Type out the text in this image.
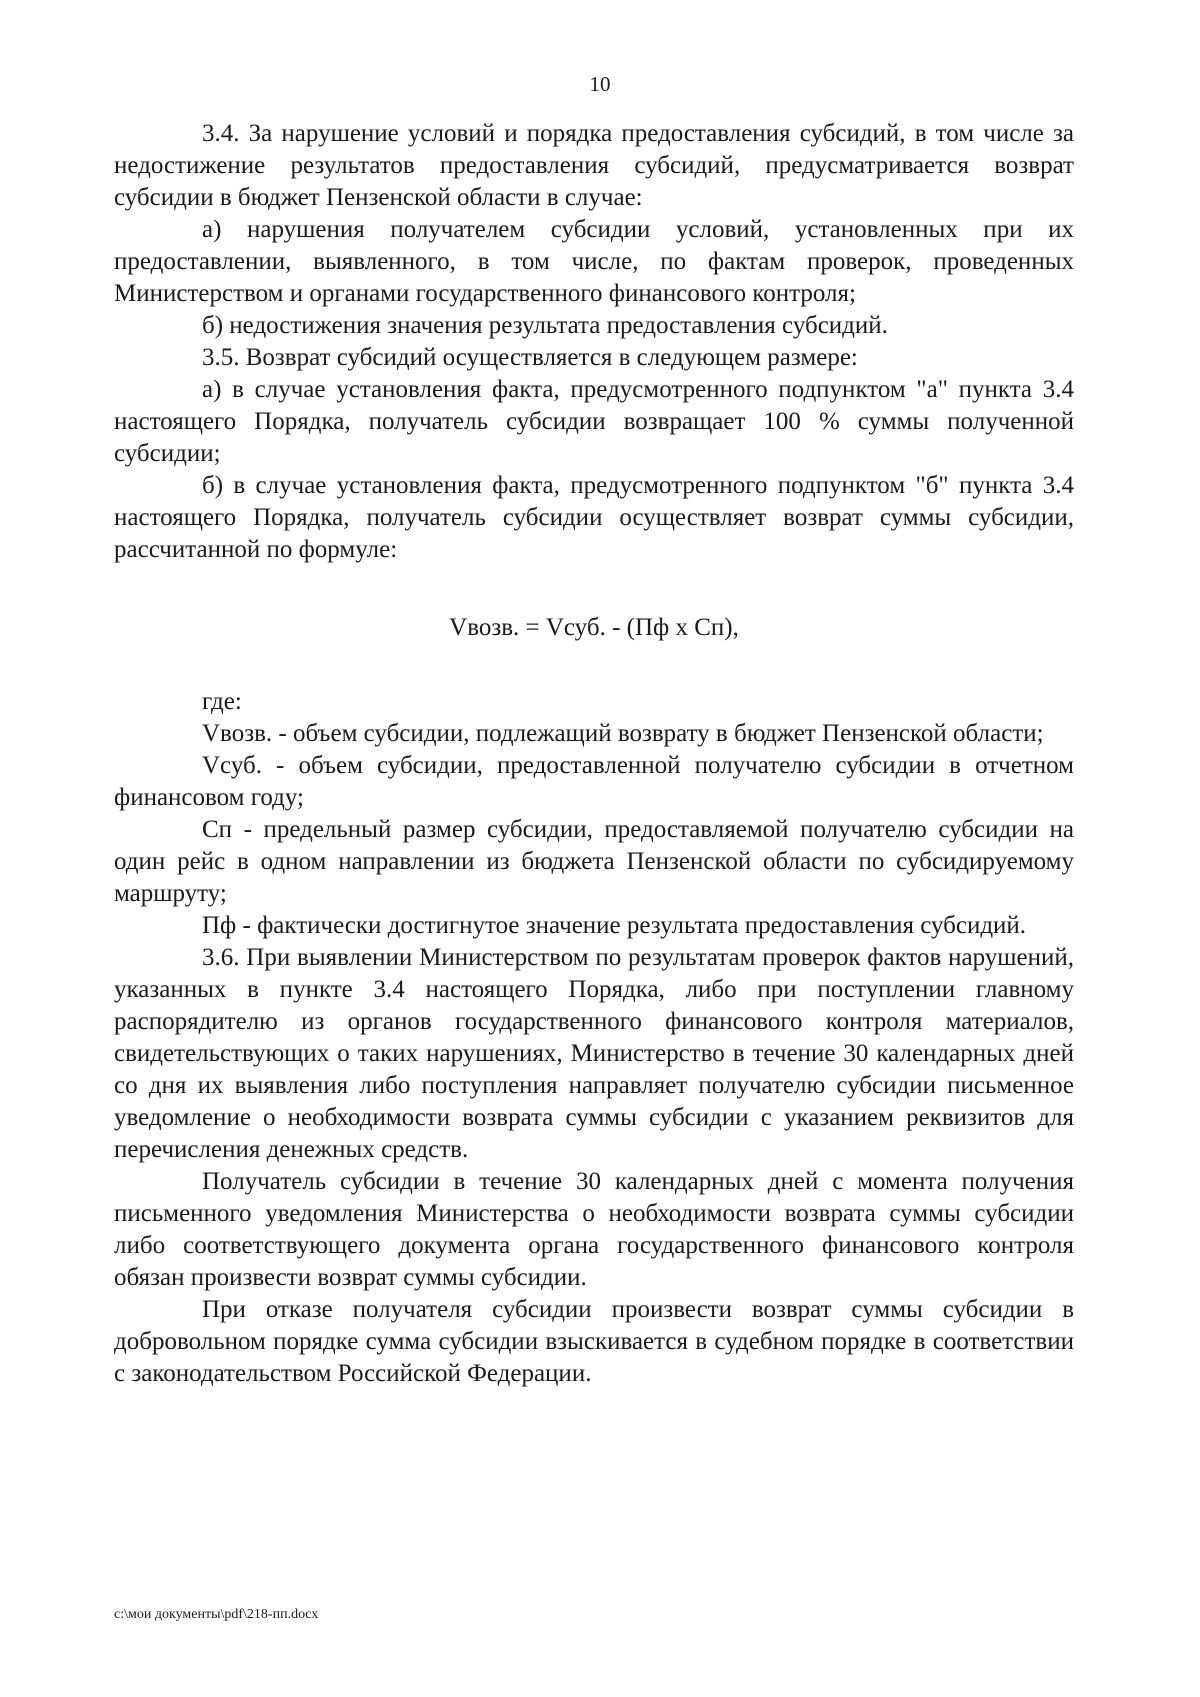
10

3.4. За нарушение условий и порядка предоставления субсидий, в том числе за недостижение результатов предоставления субсидий, предусматривается возврат субсидии в бюджет Пензенской области в случае:

а) нарушения получателем субсидии условий, установленных при их предоставлении, выявленного, в том числе, по фактам проверок, проведенных Министерством и органами государственного финансового контроля;

б) недостижения значения результата предоставления субсидий.

3.5. Возврат субсидий осуществляется в следующем размере:

а) в случае установления факта, предусмотренного подпунктом "а" пункта 3.4 настоящего Порядка, получатель субсидии возвращает 100 % суммы полученной субсидии;

б) в случае установления факта, предусмотренного подпунктом "б" пункта 3.4 настоящего Порядка, получатель субсидии осуществляет возврат суммы субсидии, рассчитанной по формуле:

Vвозв. = Vсуб. - (Пф x Сп),

где:

Vвозв. - объем субсидии, подлежащий возврату в бюджет Пензенской области;

Vсуб. - объем субсидии, предоставленной получателю субсидии в отчетном финансовом году;

Сп - предельный размер субсидии, предоставляемой получателю субсидии на один рейс в одном направлении из бюджета Пензенской области по субсидируемому маршруту;

Пф - фактически достигнутое значение результата предоставления субсидий.

3.6. При выявлении Министерством по результатам проверок фактов нарушений, указанных в пункте 3.4 настоящего Порядка, либо при поступлении главному распорядителю из органов государственного финансового контроля материалов, свидетельствующих о таких нарушениях, Министерство в течение 30 календарных дней со дня их выявления либо поступления направляет получателю субсидии письменное уведомление о необходимости возврата суммы субсидии с указанием реквизитов для перечисления денежных средств.

Получатель субсидии в течение 30 календарных дней с момента получения письменного уведомления Министерства о необходимости возврата суммы субсидии либо соответствующего документа органа государственного финансового контроля обязан произвести возврат суммы субсидии.

При отказе получателя субсидии произвести возврат суммы субсидии в добровольном порядке сумма субсидии взыскивается в судебном порядке в соответствии с законодательством Российской Федерации.

c:\мои документы\pdf\218-пп.docx
